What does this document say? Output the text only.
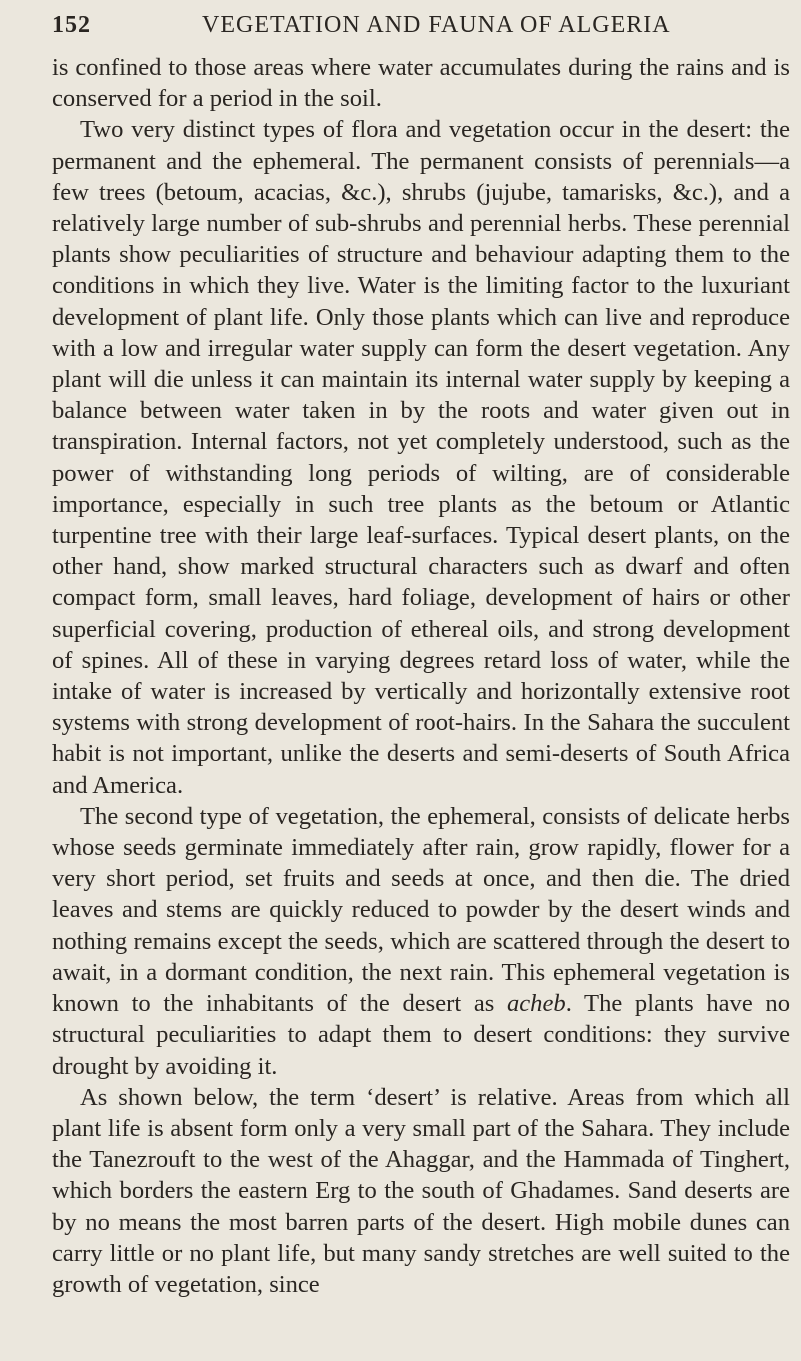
152	VEGETATION AND FAUNA OF ALGERIA

is confined to those areas where water accumulates during the rains and is conserved for a period in the soil.

Two very distinct types of flora and vegetation occur in the desert: the permanent and the ephemeral. The permanent consists of perennials—a few trees (betoum, acacias, &c.), shrubs (jujube, tamarisks, &c.), and a relatively large number of sub-shrubs and perennial herbs. These perennial plants show peculiarities of structure and behaviour adapting them to the conditions in which they live. Water is the limiting factor to the luxuriant development of plant life. Only those plants which can live and reproduce with a low and irregular water supply can form the desert vegetation. Any plant will die unless it can maintain its internal water supply by keeping a balance between water taken in by the roots and water given out in transpiration. Internal factors, not yet completely understood, such as the power of withstanding long periods of wilting, are of considerable importance, especially in such tree plants as the betoum or Atlantic turpentine tree with their large leaf-surfaces. Typical desert plants, on the other hand, show marked structural characters such as dwarf and often compact form, small leaves, hard foliage, development of hairs or other superficial covering, production of ethereal oils, and strong development of spines. All of these in varying degrees retard loss of water, while the intake of water is increased by vertically and horizontally extensive root systems with strong development of root-hairs. In the Sahara the succulent habit is not important, unlike the deserts and semi-deserts of South Africa and America.

The second type of vegetation, the ephemeral, consists of delicate herbs whose seeds germinate immediately after rain, grow rapidly, flower for a very short period, set fruits and seeds at once, and then die. The dried leaves and stems are quickly reduced to powder by the desert winds and nothing remains except the seeds, which are scattered through the desert to await, in a dormant condition, the next rain. This ephemeral vegetation is known to the inhabitants of the desert as acheb. The plants have no structural peculiarities to adapt them to desert conditions: they survive drought by avoiding it.

As shown below, the term ‘desert’ is relative. Areas from which all plant life is absent form only a very small part of the Sahara. They include the Tanezrouft to the west of the Ahaggar, and the Hammada of Tinghert, which borders the eastern Erg to the south of Ghadames. Sand deserts are by no means the most barren parts of the desert. High mobile dunes can carry little or no plant life, but many sandy stretches are well suited to the growth of vegetation, since
